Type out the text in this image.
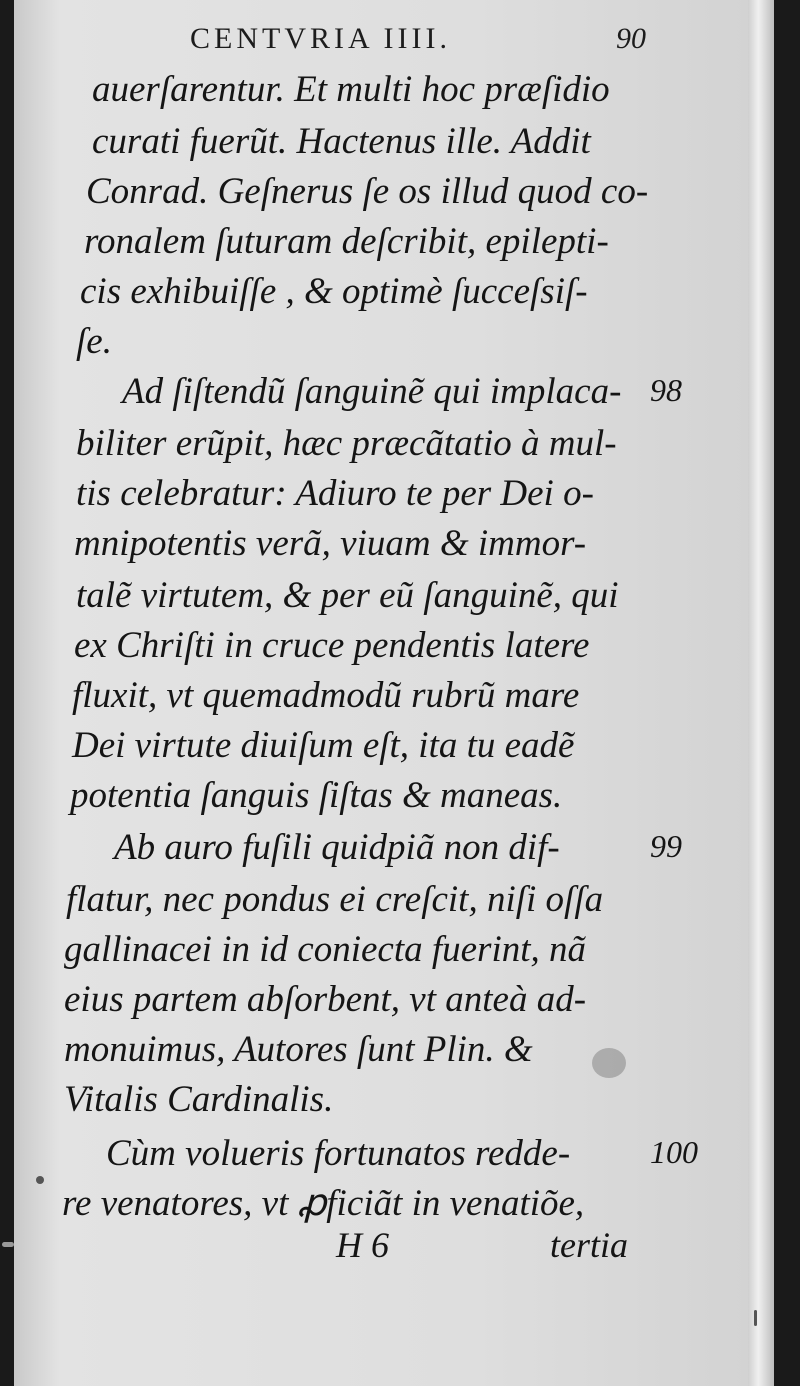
CENTVRIA IIII.	90
auerſarentur. Et multi hoc præſidio
curati fuerũt. Hactenus ille. Addit
Conrad. Geſnerus ſe os illud quod co-
ronalem ſuturam deſcribit, epilepti-
cis exhibuiſſe , & optimè ſucceſsiſ-
ſe.
Ad ſiſtendũ ſanguinẽ qui implaca-
biliter erũpit, hæc præcãtatio à mul-
tis celebratur: Adiuro te per Dei o-
mnipotentis verã, viuam & immor-
talẽ virtutem, & per eũ ſanguinẽ, qui
ex Chriſti in cruce pendentis latere
fluxit, vt quemadmodũ rubrũ mare
Dei virtute diuiſum eſt, ita tu eadẽ
potentia ſanguis ſiſtas & maneas.
Ab auro fuſili quidpiã non dif-
flatur, nec pondus ei creſcit, niſi oſſa
gallinacei in id coniecta fuerint, nã
eius partem abſorbent, vt anteà ad-
monuimus, Autores ſunt Plin. &
Vitalis Cardinalis.
Cùm volueris fortunatos redde-
re venatores, vt ꝓficiãt in venatiõe,
98
99
100
H 6	tertia
